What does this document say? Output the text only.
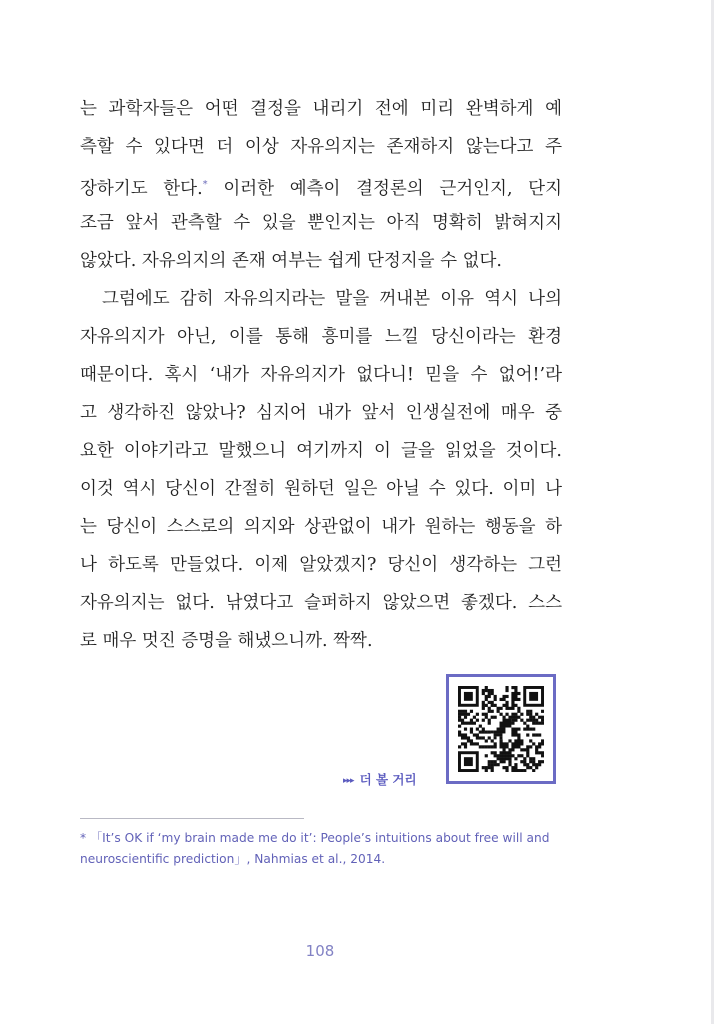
는 과학자들은 어떤 결정을 내리기 전에 미리 완벽하게 예
측할 수 있다면 더 이상 자유의지는 존재하지 않는다고 주
장하기도 한다.* 이러한 예측이 결정론의 근거인지, 단지
조금 앞서 관측할 수 있을 뿐인지는 아직 명확히 밝혀지지
않았다. 자유의지의 존재 여부는 쉽게 단정지을 수 없다.
그럼에도 감히 자유의지라는 말을 꺼내본 이유 역시 나의
자유의지가 아닌, 이를 통해 흥미를 느낄 당신이라는 환경
때문이다. 혹시 ‘내가 자유의지가 없다니! 믿을 수 없어!’라
고 생각하진 않았나? 심지어 내가 앞서 인생실전에 매우 중
요한 이야기라고 말했으니 여기까지 이 글을 읽었을 것이다.
이것 역시 당신이 간절히 원하던 일은 아닐 수 있다. 이미 나
는 당신이 스스로의 의지와 상관없이 내가 원하는 행동을 하
나 하도록 만들었다. 이제 알았겠지? 당신이 생각하는 그런
자유의지는 없다. 낚였다고 슬퍼하지 않았으면 좋겠다. 스스
로 매우 멋진 증명을 해냈으니까. 짝짝.
▸▸▸ 더 볼 거리
* 「It’s OK if ‘my brain made me do it’: People’s intuitions about free will and
neuroscientific prediction」, Nahmias et al., 2014.
108
